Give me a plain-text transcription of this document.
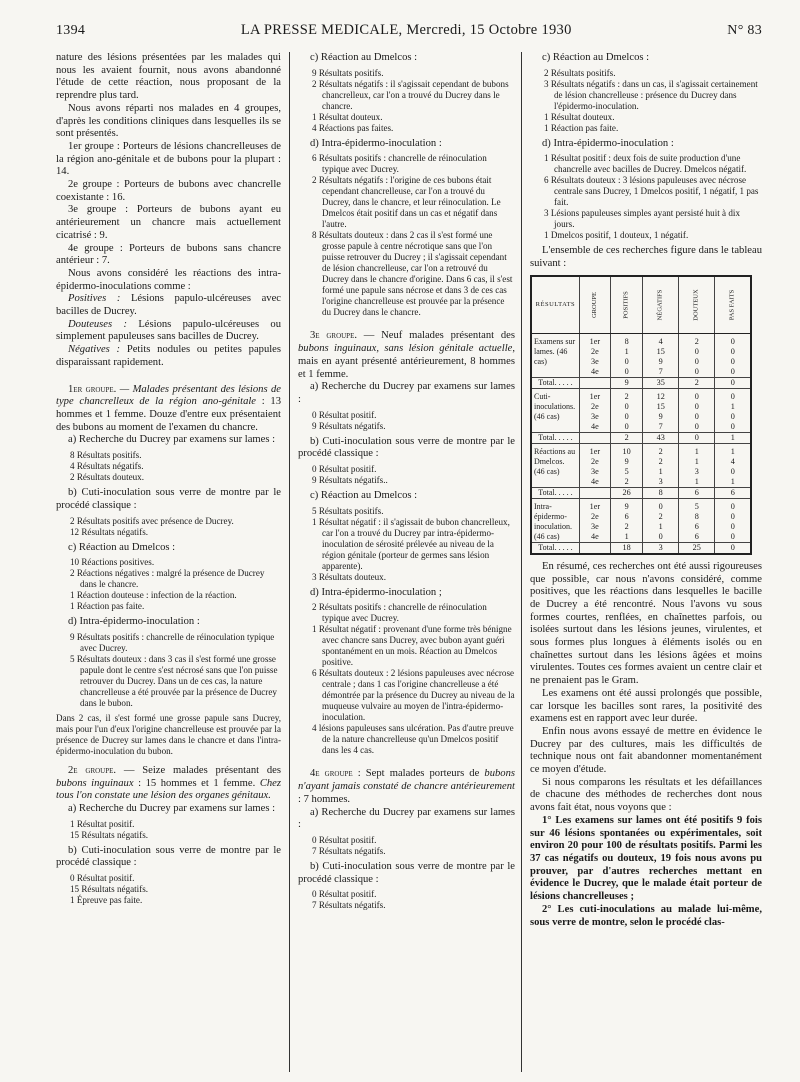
1394	LA PRESSE MEDICALE, Mercredi, 15 Octobre 1930	N° 83

nature des lésions présentées par les malades qui nous les avaient fournit, nous avons abandonné l'étude de cette réaction, nous proposant de la reprendre plus tard.

Nous avons réparti nos malades en 4 groupes, d'après les conditions cliniques dans lesquelles ils se sont présentés.

1er groupe : Porteurs de lésions chancrelleuses de la région ano-génitale et de bubons pour la plupart : 14.

2e groupe : Porteurs de bubons avec chancrelle coexistante : 16.

3e groupe : Porteurs de bubons ayant eu antérieurement un chancre mais actuellement cicatrisé : 9.

4e groupe : Porteurs de bubons sans chancre antérieur : 7.

Nous avons considéré les réactions des intra-épidermo-inoculations comme :

Positives : Lésions papulo-ulcéreuses avec bacilles de Ducrey.

Douteuses : Lésions papulo-ulcéreuses ou simplement papuleuses sans bacilles de Ducrey.

Négatives : Petits nodules ou petites papules disparaissant rapidement.

1er groupe. — Malades présentant des lésions de type chancrelleux de la région ano-génitale : 13 hommes et 1 femme. Douze d'entre eux présentaient des bubons au moment de l'examen du chancre.

a) Recherche du Ducrey par examens sur lames :

8 Résultats positifs.
4 Résultats négatifs.
2 Résultats douteux.

b) Cuti-inoculation sous verre de montre par le procédé classique :

2 Résultats positifs avec présence de Ducrey.
12 Résultats négatifs.

c) Réaction au Dmelcos :

10 Réactions positives.
2 Réactions négatives : malgré la présence de Ducrey dans le chancre.
1 Réaction douteuse : infection de la réaction.
1 Réaction pas faite.

d) Intra-épidermo-inoculation :

9 Résultats positifs : chancrelle de réinoculation typique avec Ducrey.
5 Résultats douteux : dans 3 cas il s'est formé une grosse papule dont le centre s'est nécrosé sans que l'on puisse retrouver du Ducrey. Dans un de ces cas, la nature chancrelleuse a été prouvée par la présence de Ducrey dans le bubon.

Dans 2 cas, il s'est formé une grosse papule sans Ducrey, mais pour l'un d'eux l'origine chancrelleuse est prouvée par la présence de Ducrey sur lames dans le chancre et dans l'intra-épidermo-inoculation du bubon.

2e groupe. — Seize malades présentant des bubons inguinaux : 15 hommes et 1 femme. Chez tous l'on constate une lésion des organes génitaux.

a) Recherche du Ducrey par examens sur lames :

1 Résultat positif.
15 Résultats négatifs.

b) Cuti-inoculation sous verre de montre par le procédé classique :

0 Résultat positif.
15 Résultats négatifs.
1 Épreuve pas faite.

c) Réaction au Dmelcos :

9 Résultats positifs.
2 Résultats négatifs : il s'agissait cependant de bubons chancrelleux, car l'on a trouvé du Ducrey dans le chancre.
1 Résultat douteux.
4 Réactions pas faites.

d) Intra-épidermo-inoculation :

6 Résultats positifs : chancrelle de réinoculation typique avec Ducrey.
2 Résultats négatifs : l'origine de ces bubons était cependant chancrelleuse, car l'on a trouvé du Ducrey, dans le chancre, et leur réinoculation. Le Dmelcos était positif dans un cas et négatif dans l'autre.
8 Résultats douteux : dans 2 cas il s'est formé une grosse papule à centre nécrotique sans que l'on puisse retrouver du Ducrey ; il s'agissait cependant de lésion chancrelleuse, car l'on a retrouvé du Ducrey dans le chancre d'origine. Dans 6 cas, il s'est formé une papule sans nécrose et dans 3 de ces cas l'origine chancrelleuse est prouvée par la présence du Ducrey dans le chancre.

3e groupe. — Neuf malades présentant des bubons inguinaux, sans lésion génitale actuelle, mais en ayant présenté antérieurement, 8 hommes et 1 femme.

a) Recherche du Ducrey par examens sur lames :

0 Résultat positif.
9 Résultats négatifs.

b) Cuti-inoculation sous verre de montre par le procédé classique :

0 Résultat positif.
9 Résultats négatifs..

c) Réaction au Dmelcos :

5 Résultats positifs.
1 Résultat négatif : il s'agissait de bubon chancrelleux, car l'on a trouvé du Ducrey par intra-épidermo-inoculation de sérosité prélevée au niveau de la région génitale (porteur de germes sans lésion apparente).
3 Résultats douteux.

d) Intra-épidermo-inoculation ;

2 Résultats positifs : chancrelle de réinoculation typique avec Ducrey.
1 Résultat négatif : provenant d'une forme très bénigne avec chancre sans Ducrey, avec bubon ayant guéri spontanément en un mois. Réaction au Dmelcos positive.
6 Résultats douteux : 2 lésions papuleuses avec nécrose centrale ; dans 1 cas l'origine chancrelleuse a été démontrée par la présence du Ducrey au niveau de la muqueuse vulvaire au moyen de l'intra-épidermo-inoculation.
4 lésions papuleuses sans ulcération. Pas d'autre preuve de la nature chancrelleuse qu'un Dmelcos positif dans les 4 cas.

4e groupe : Sept malades porteurs de bubons n'ayant jamais constaté de chancre antérieurement : 7 hommes.

a) Recherche du Ducrey par examens sur lames :

0 Résultat positif.
7 Résultats négatifs.

b) Cuti-inoculation sous verre de montre par le procédé classique :

0 Résultat positif.
7 Résultats négatifs.

c) Réaction au Dmelcos :

2 Résultats positifs.
3 Résultats négatifs : dans un cas, il s'agissait certainement de lésion chancrelleuse : présence du Ducrey dans l'épidermo-inoculation.
1 Résultat douteux.
1 Réaction pas faite.

d) Intra-épidermo-inoculation :

1 Résultat positif : deux fois de suite production d'une chancrelle avec bacilles de Ducrey. Dmelcos négatif.
6 Résultats douteux : 3 lésions papuleuses avec nécrose centrale sans Ducrey, 1 Dmelcos positif, 1 négatif, 1 pas fait.
3 Lésions papuleuses simples ayant persisté huit à dix jours.
1 Dmelcos positif, 1 douteux, 1 négatif.

L'ensemble de ces recherches figure dans le tableau suivant :

RÉSULTATS	GROUPE	POSITIFS	NÉGATIFS	DOUTEUX	PAS FAITS
Examens sur lames. (46 cas)	1er	8	4	2	0
	2e	1	15	0	0
	3e	0	9	0	0
	4e	0	7	0	0
Total. . . . .		9	35	2	0
Cuti-inoculations. (46 cas)	1er	2	12	0	0
	2e	0	15	0	1
	3e	0	9	0	0
	4e	0	7	0	0
Total. . . . .		2	43	0	1
Réactions au Dmelcos. (46 cas)	1er	10	2	1	1
	2e	9	2	1	4
	3e	5	1	3	0
	4e	2	3	1	1
Total. . . . .		26	8	6	6
Intra-épidermo-inoculation. (46 cas)	1er	9	0	5	0
	2e	6	2	8	0
	3e	2	1	6	0
	4e	1	0	6	0
Total. . . . .		18	3	25	0

En résumé, ces recherches ont été aussi rigoureuses que possible, car nous n'avons considéré, comme positives, que les réactions dans lesquelles le bacille de Ducrey a été rencontré. Nous l'avons vu sous formes courtes, renflées, en chaînettes parfois, ou isolées surtout dans les lésions jeunes, virulentes, et sous formes plus longues à éléments isolés ou en chaînettes surtout dans les lésions âgées et moins virulentes. Toutes ces formes avaient un centre clair et ne prenaient pas le Gram.

Les examens ont été aussi prolongés que possible, car lorsque les bacilles sont rares, la positivité des examens est en rapport avec leur durée.

Enfin nous avons essayé de mettre en évidence le Ducrey par des cultures, mais les difficultés de technique nous ont fait abandonner momentanément ce moyen d'étude.

Si nous comparons les résultats et les défaillances de chacune des méthodes de recherches dont nous avons fait état, nous voyons que :

1° Les examens sur lames ont été positifs 9 fois sur 46 lésions spontanées ou expérimentales, soit environ 20 pour 100 de résultats positifs. Parmi les 37 cas négatifs ou douteux, 19 fois nous avons pu prouver, par d'autres recherches mettant en évidence le Ducrey, que le malade était porteur de lésions chancrelleuses ;

2° Les cuti-inoculations au malade lui-même, sous verre de montre, selon le procédé clas-
